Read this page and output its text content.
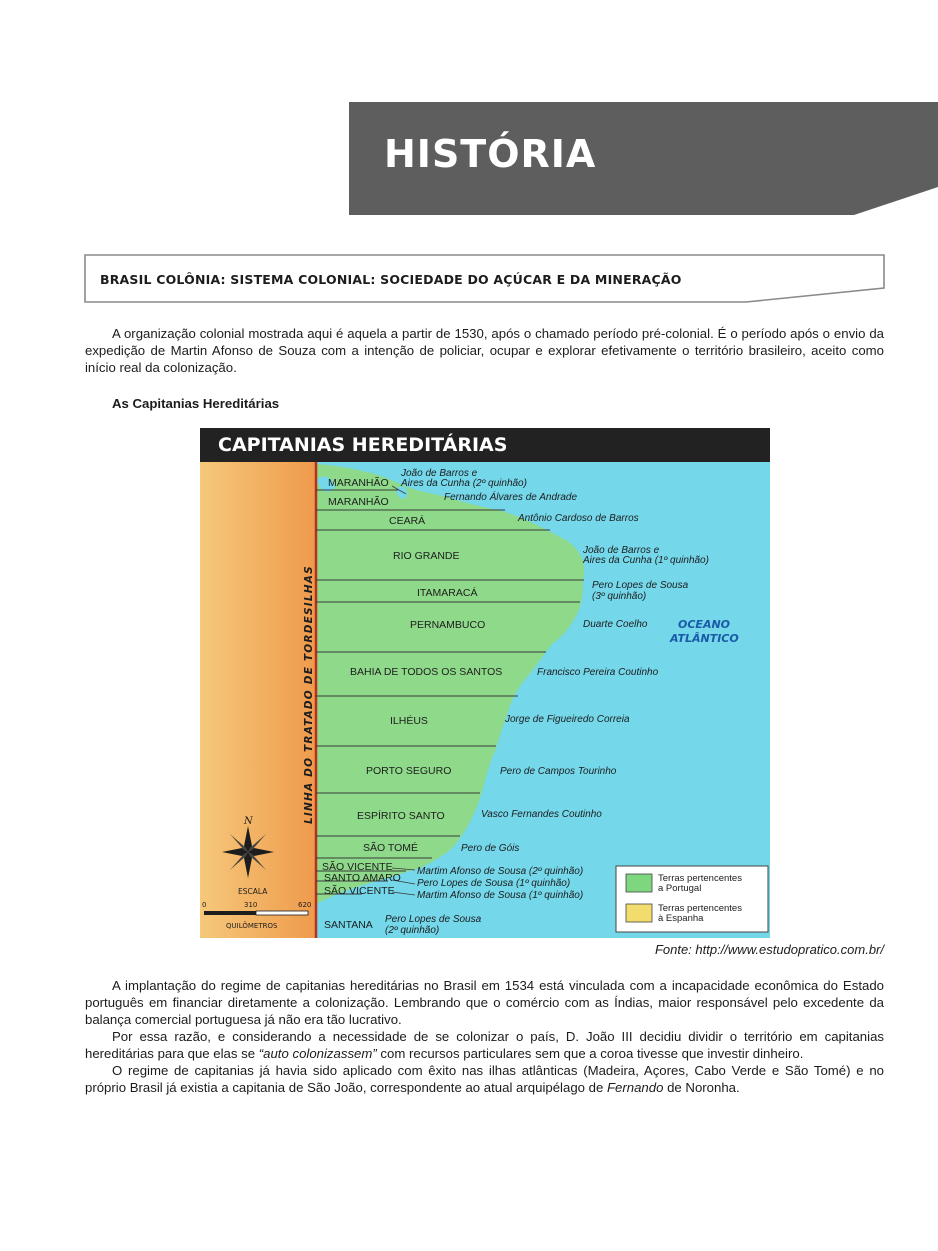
HISTÓRIA
BRASIL COLÔNIA: SISTEMA COLONIAL: SOCIEDADE DO AÇÚCAR E DA MINERAÇÃO

A organização colonial mostrada aqui é aquela a partir de 1530, após o chamado período pré-colonial. É o período após o envio da expedição de Martin Afonso de Souza com a intenção de policiar, ocupar e explorar efetivamente o território brasileiro, aceito como início real da colonização.

As Capitanias Hereditárias
CAPITANIAS HEREDITÁRIAS
LINHA DO TRATADO DE TORDESILHAS
MARANHÃO
MARANHÃO
CEARÁ
RIO GRANDE
ITAMARACÁ
PERNAMBUCO
BAHIA DE TODOS OS SANTOS
ILHÉUS
PORTO SEGURO
ESPÍRITO SANTO
SÃO TOMÉ
SÃO VICENTE
SANTO AMARO
SÃO VICENTE
SANTANA
João de Barros e
Aires da Cunha (2º quinhão)
Fernando Álvares de Andrade
Antônio Cardoso de Barros
João de Barros e
Aires da Cunha (1º quinhão)
Pero Lopes de Sousa
(3º quinhão)
Duarte Coelho
Francisco Pereira Coutinho
Jorge de Figueiredo Correia
Pero de Campos Tourinho
Vasco Fernandes Coutinho
Pero de Góis
Martim Afonso de Sousa (2º quinhão)
Pero Lopes de Sousa (1º quinhão)
Martim Afonso de Sousa (1º quinhão)
Pero Lopes de Sousa
(2º quinhão)
OCEANO
ATLÂNTICO
N
ESCALA
0	310	620
QUILÔMETROS
Terras pertencentes
a Portugal
Terras pertencentes
à Espanha

Fonte: http://www.estudopratico.com.br/

A implantação do regime de capitanias hereditárias no Brasil em 1534 está vinculada com a incapacidade econômica do Estado português em financiar diretamente a colonização. Lembrando que o comércio com as Índias, maior responsável pelo excedente da balança comercial portuguesa já não era tão lucrativo.

Por essa razão, e considerando a necessidade de se colonizar o país, D. João III decidiu dividir o território em capitanias hereditárias para que elas se “auto colonizassem” com recursos particulares sem que a coroa tivesse que investir dinheiro.

O regime de capitanias já havia sido aplicado com êxito nas ilhas atlânticas (Madeira, Açores, Cabo Verde e São Tomé) e no próprio Brasil já existia a capitania de São João, correspondente ao atual arquipélago de Fernando de Noronha.
